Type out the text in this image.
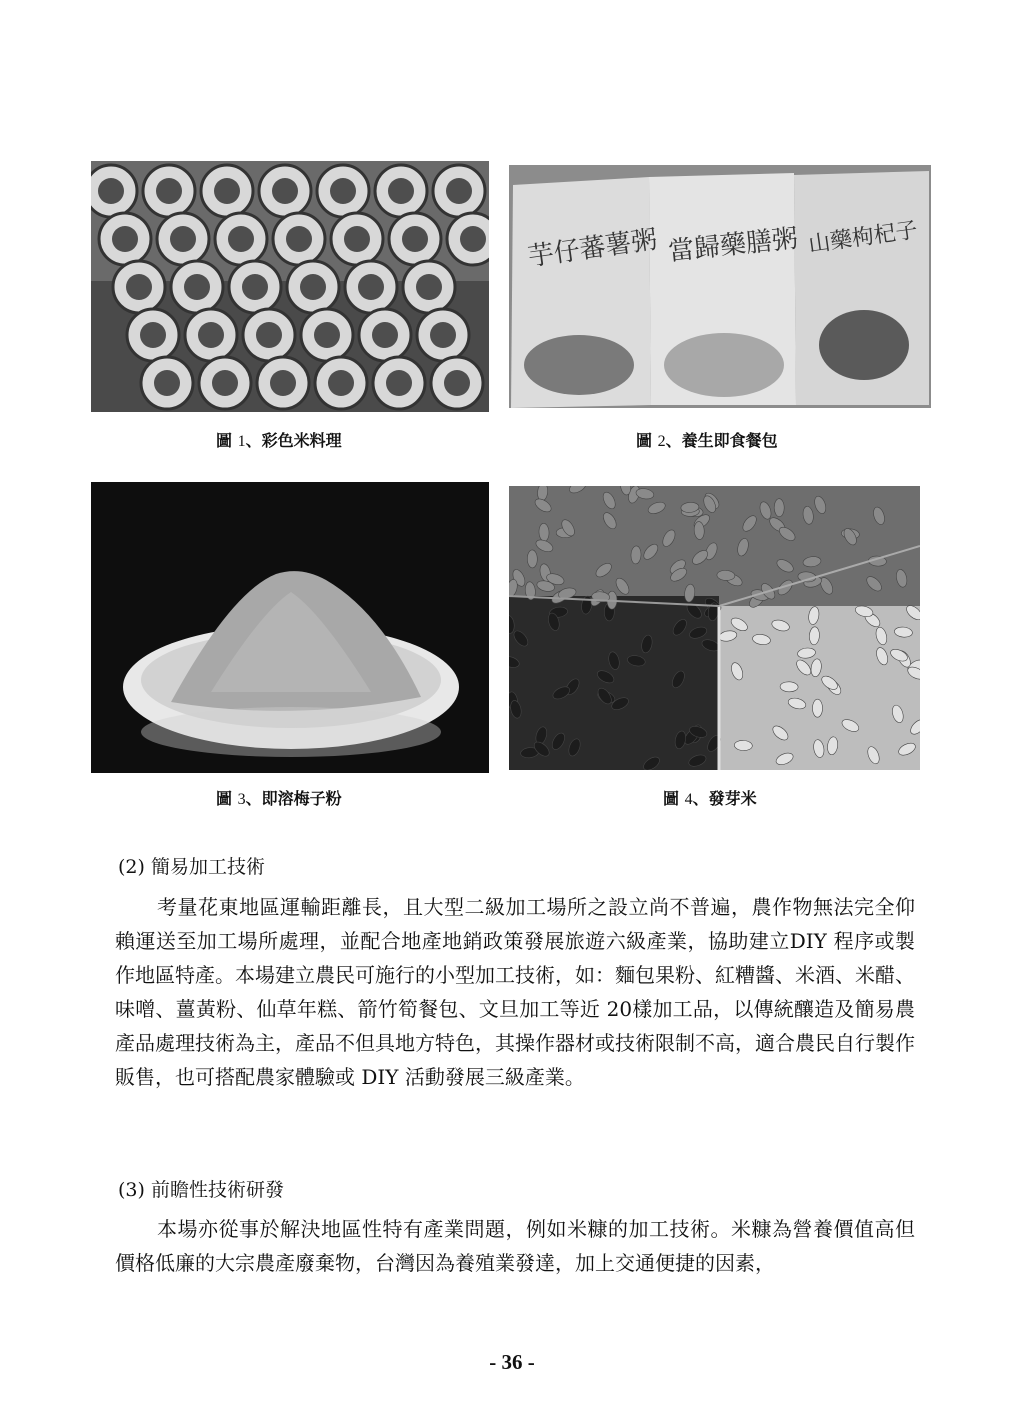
圖 1、彩色米料理
芋仔蕃薯粥 當歸藥膳粥 山藥枸杞子
圖 2、養生即食餐包
圖 3、即溶梅子粉	圖 4、發芽米
(2) 簡易加工技術

考量花東地區運輸距離長，且大型二級加工場所之設立尚不普遍，農作物無法完全仰賴運送至加工場所處理，並配合地產地銷政策發展旅遊六級產業，協助建立DIY 程序或製作地區特產。本場建立農民可施行的小型加工技術，如：麵包果粉、紅糟醬、米酒、米醋、味噌、薑黃粉、仙草年糕、箭竹筍餐包、文旦加工等近 20樣加工品，以傳統釀造及簡易農產品處理技術為主，產品不但具地方特色，其操作器材或技術限制不高，適合農民自行製作販售，也可搭配農家體驗或 DIY 活動發展三級產業。

(3) 前瞻性技術研發

本場亦從事於解決地區性特有產業問題，例如米糠的加工技術。米糠為營養價值高但價格低廉的大宗農產廢棄物，台灣因為養殖業發達，加上交通便捷的因素，

- 36 -
